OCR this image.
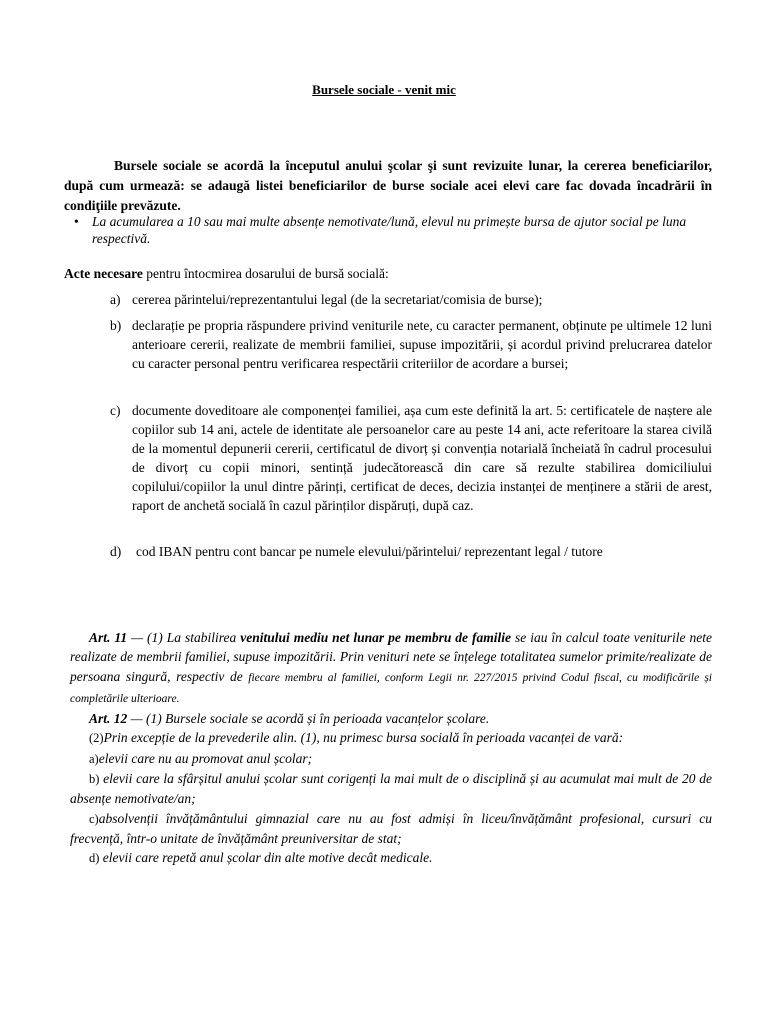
Bursele sociale - venit mic
Bursele sociale se acordă la începutul anului şcolar şi sunt revizuite lunar, la cererea beneficiarilor, după cum urmează: se adaugă listei beneficiarilor de burse sociale acei elevi care fac dovada încadrării în condiţiile prevăzute.
• La acumularea a 10 sau mai multe absențe nemotivate/lună, elevul nu primește bursa de ajutor social pe luna respectivă.
Acte necesare pentru întocmirea dosarului de bursă socială:
a) cererea părintelui/reprezentantului legal (de la secretariat/comisia de burse);
b) declarație pe propria răspundere privind veniturile nete, cu caracter permanent, obținute pe ultimele 12 luni anterioare cererii, realizate de membrii familiei, supuse impozitării, și acordul privind prelucrarea datelor cu caracter personal pentru verificarea respectării criteriilor de acordare a bursei;
c) documente doveditoare ale componenței familiei, așa cum este definită la art. 5: certificatele de naștere ale copiilor sub 14 ani, actele de identitate ale persoanelor care au peste 14 ani, acte referitoare la starea civilă de la momentul depunerii cererii, certificatul de divorț și convenția notarială încheiată în cadrul procesului de divorț cu copii minori, sentință judecătorească din care să rezulte stabilirea domiciliului copilului/copiilor la unul dintre părinți, certificat de deces, decizia instanței de menținere a stării de arest, raport de anchetă socială în cazul părinților dispăruți, după caz.
d) cod IBAN pentru cont bancar pe numele elevului/părintelui/ reprezentant legal / tutore

Art. 11 — (1) La stabilirea venitului mediu net lunar pe membru de familie se iau în calcul toate veniturile nete realizate de membrii familiei, supuse impozitării. Prin venituri nete se înțelege totalitatea sumelor primite/realizate de persoana singură, respectiv de fiecare membru al familiei, conform Legii nr. 227/2015 privind Codul fiscal, cu modificările și completările ulterioare.

Art. 12 — (1) Bursele sociale se acordă și în perioada vacanțelor școlare.

(2)Prin excepție de la prevederile alin. (1), nu primesc bursa socială în perioada vacanței de vară:

a)elevii care nu au promovat anul școlar;

b) elevii care la sfârșitul anului școlar sunt corigenți la mai mult de o disciplină și au acumulat mai mult de 20 de absențe nemotivate/an;

c)absolvenții învățământului gimnazial care nu au fost admiși în liceu/învățământ profesional, cursuri cu frecvență, într-o unitate de învățământ preuniversitar de stat;

d) elevii care repetă anul școlar din alte motive decât medicale.
